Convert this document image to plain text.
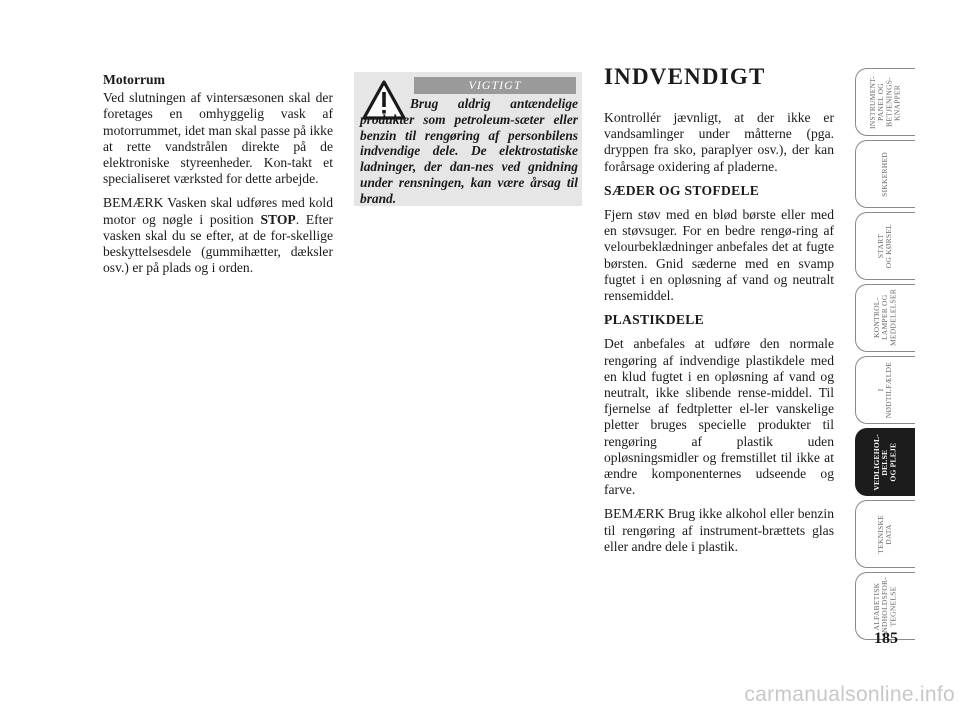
Motorrum

Ved slutningen af vintersæsonen skal der foretages en omhyggelig vask af motorrummet, idet man skal passe på ikke at rette vandstrålen direkte på de elektroniske styreenheder. Kon-takt et specialiseret værksted for dette arbejde.

BEMÆRK Vasken skal udføres med kold motor og nøgle i position STOP. Efter vasken skal du se efter, at de for-skellige beskyttelsesdele (gummihætter, dæksler osv.) er på plads og i orden.

VIGTIGT
Brug aldrig antændelige produkter som petroleum-sæter eller benzin til rengøring af personbilens indvendige dele. De elektrostatiske ladninger, der dan-nes ved gnidning under rensningen, kan være årsag til brand.
INDVENDIGT

Kontrollér jævnligt, at der ikke er vandsamlinger under måtterne (pga. dryppen fra sko, paraplyer osv.), der kan forårsage oxidering af pladerne.

SÆDER OG STOFDELE

Fjern støv med en blød børste eller med en støvsuger. For en bedre rengø-ring af velourbeklædninger anbefales det at fugte børsten. Gnid sæderne med en svamp fugtet i en opløsning af vand og neutralt rensemiddel.

PLASTIKDELE

Det anbefales at udføre den normale rengøring af indvendige plastikdele med en klud fugtet i en opløsning af vand og neutralt, ikke slibende rense-middel. Til fjernelse af fedtpletter el-ler vanskelige pletter bruges specielle produkter til rengøring af plastik uden opløsningsmidler og fremstillet til ikke at ændre komponenternes udseende og farve.

BEMÆRK Brug ikke alkohol eller benzin til rengøring af instrument-brættets glas eller andre dele i plastik.

INSTRUMENT-
PANEL OG
BETJENINGS-
KNAPPER
SIKKERHED
START
OG KØRSEL
KONTROL-
LAMPER OG
MEDDELELSER
I
NØDTILFÆLDE
VEDLIGEHOL-
DELSE
OG PLEJE
TEKNISKE
DATA
ALFABETISK
INDHOLDSFOR-
TEGNELSE
185
carmanualsonline.info
